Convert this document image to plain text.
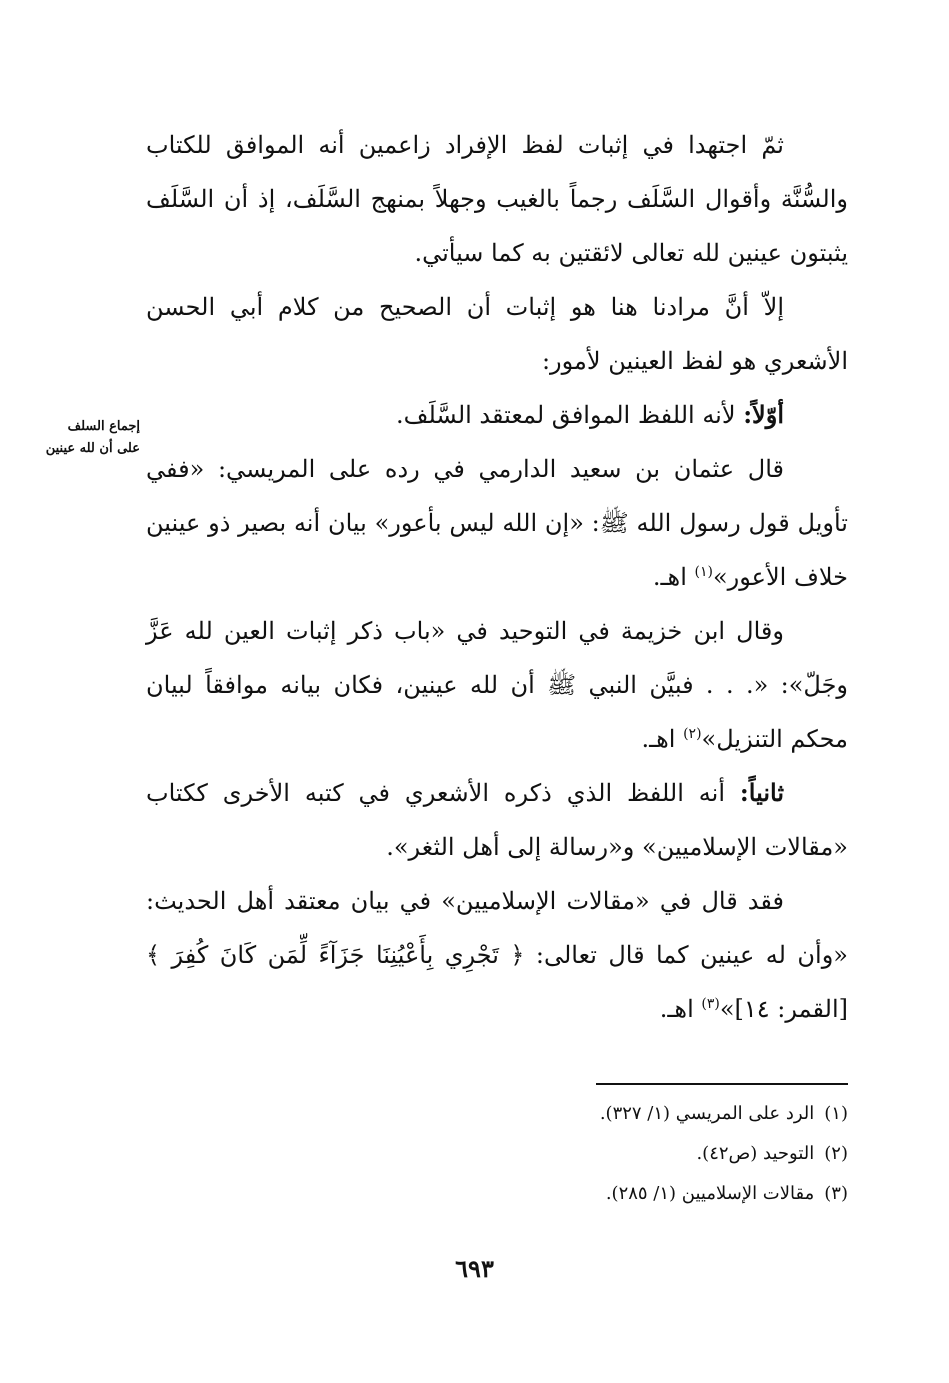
ثمّ اجتهدا في إثبات لفظ الإفراد زاعمين أنه الموافق للكتاب والسُّنَّة وأقوال السَّلَف رجماً بالغيب وجهلاً بمنهج السَّلَف، إذ أن السَّلَف يثبتون عينين لله تعالى لائقتين به كما سيأتي.

إلاّ أنَّ مرادنا هنا هو إثبات أن الصحيح من كلام أبي الحسن الأشعري هو لفظ العينين لأمور:

أوّلاً: لأنه اللفظ الموافق لمعتقد السَّلَف.

قال عثمان بن سعيد الدارمي في رده على المريسي: «ففي تأويل قول رسول الله ﷺ: «إن الله ليس بأعور» بيان أنه بصير ذو عينين خلاف الأعور»$^{(١)}$ اهـ.

وقال ابن خزيمة في التوحيد في «باب ذكر إثبات العين لله عَزَّ وجَلّ»: «. . . فبيَّن النبي ﷺ أن لله عينين، فكان بيانه موافقاً لبيان محكم التنزيل»$^{(٢)}$ اهـ.

ثانياً: أنه اللفظ الذي ذكره الأشعري في كتبه الأخرى ككتاب «مقالات الإسلاميين» و«رسالة إلى أهل الثغر».

فقد قال في «مقالات الإسلاميين» في بيان معتقد أهل الحديث: «وأن له عينين كما قال تعالى: ﴿ تَجْرِي بِأَعْيُنِنَا جَزَآءً لِّمَن كَانَ كُفِرَ ﴾ [القمر: ١٤]»$^{(٣)}$ اهـ.

إجماع السلف
على أن لله عينين
(١)الرد على المريسي (١/ ٣٢٧).
(٢)التوحيد (ص٤٢).
(٣)مقالات الإسلاميين (١/ ٢٨٥).
٦٩٣
